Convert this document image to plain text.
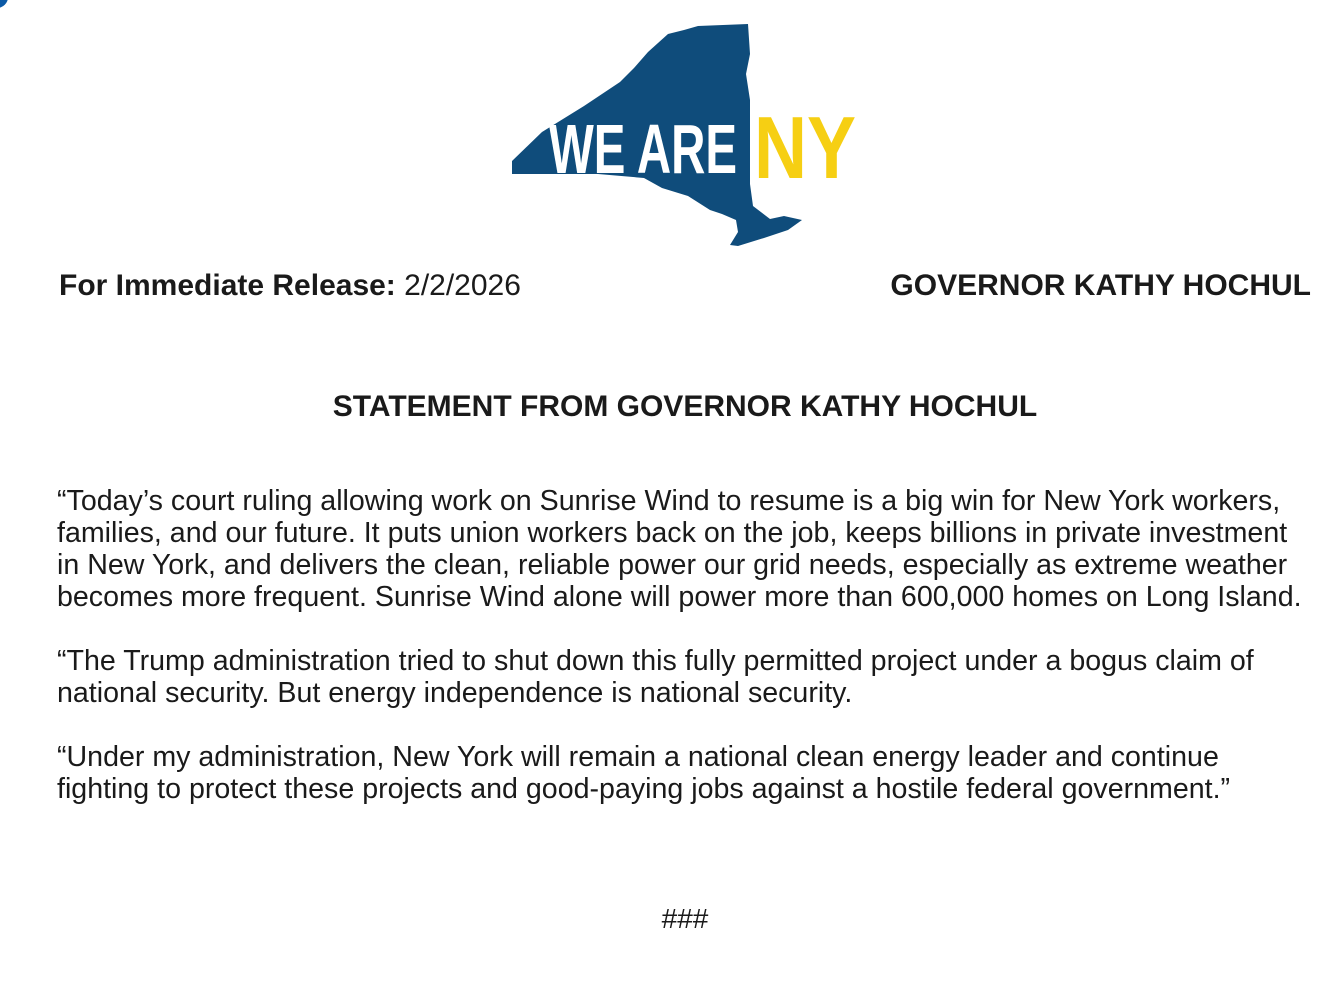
WE ARE NY
For Immediate Release: 2/2/2026	GOVERNOR KATHY HOCHUL
STATEMENT FROM GOVERNOR KATHY HOCHUL

“Today’s court ruling allowing work on Sunrise Wind to resume is a big win for New York workers, families, and our future. It puts union workers back on the job, keeps billions in private investment in New York, and delivers the clean, reliable power our grid needs, especially as extreme weather becomes more frequent. Sunrise Wind alone will power more than 600,000 homes on Long Island.

“The Trump administration tried to shut down this fully permitted project under a bogus claim of national security. But energy independence is national security.

“Under my administration, New York will remain a national clean energy leader and continue fighting to protect these projects and good-paying jobs against a hostile federal government.”

###
